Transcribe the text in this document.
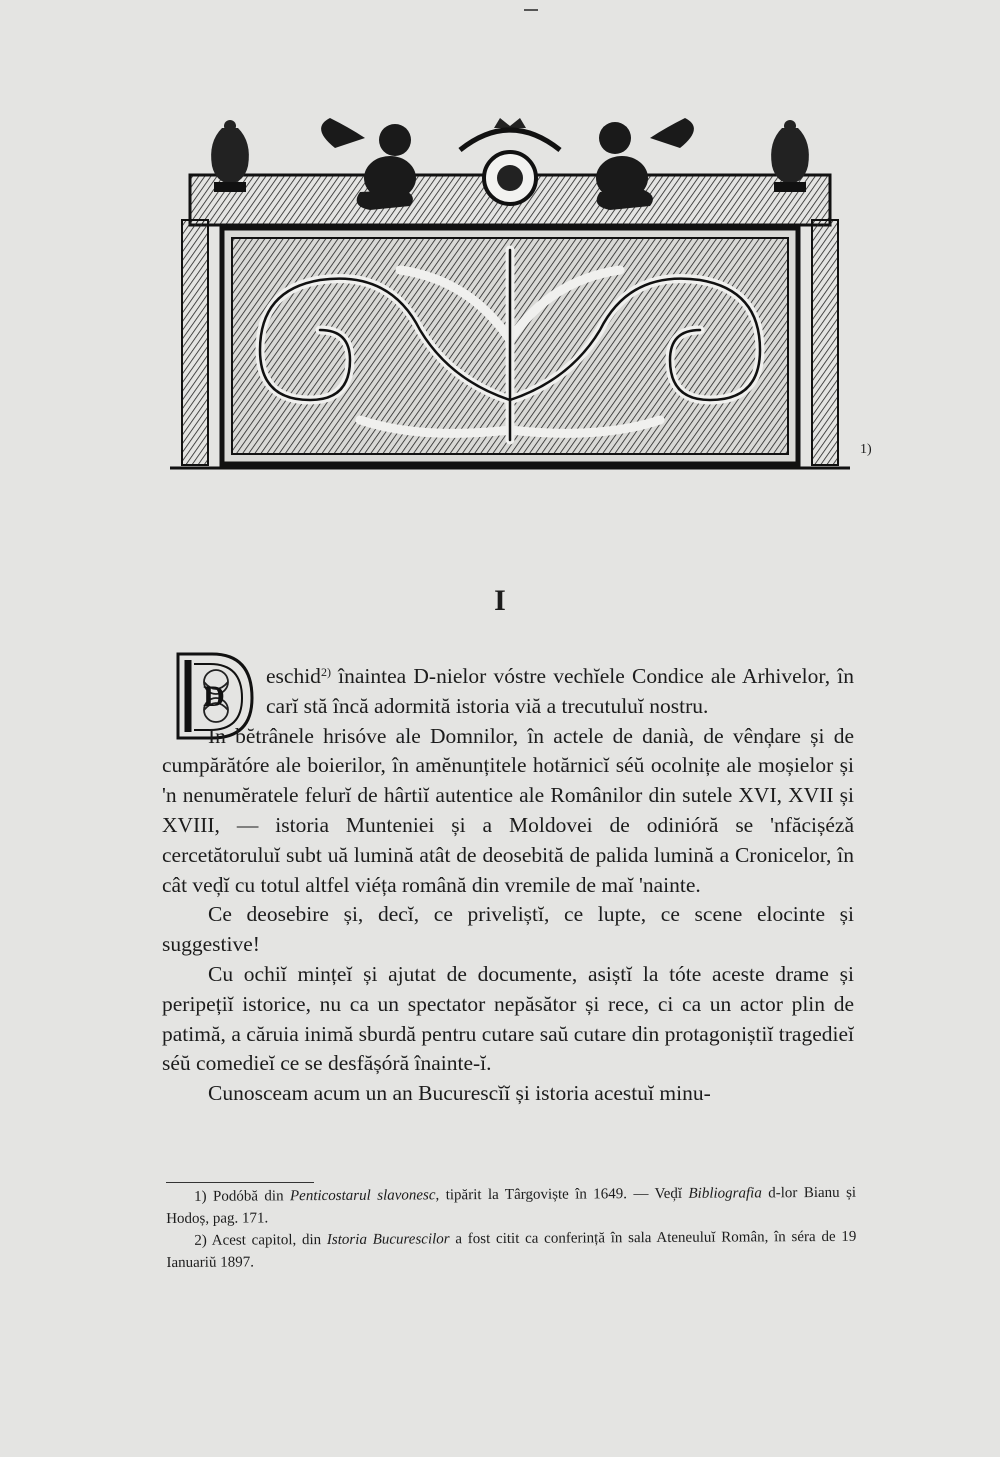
1)
I
D

eschid$^{2)}$ înaintea D-nielor vóstre vechĭele Condice ale Arhivelor, în carĭ stă încă adormită istoria viă a trecutuluĭ nostru.

In bĕtrânele hrisóve ale Domnilor, în actele de danià, de vênḑare și de cumpărătóre ale boierilor, în amĕnunțitele hotărnicĭ séŭ ocolnițe ale moșielor și 'n nenumĕratele felurĭ de hârtiĭ autentice ale Românilor din sutele XVI, XVII și XVIII, — istoria Munteniei și a Moldovei de odinióră se 'nfăcișézǎ cercetătoruluĭ subt uă lumină atât de deosebită de palida lumină a Cronicelor, în cât veḑĭ cu totul altfel viéța română din vremile de maĭ 'nainte.

Ce deosebire și, decĭ, ce priveliștĭ, ce lupte, ce scene elocinte și suggestive!

Cu ochiĭ mințeĭ și ajutat de documente, asiștĭ la tóte aceste drame și peripețiĭ istorice, nu ca un spectator nepăsător și rece, ci ca un actor plin de patimă, a căruia inimă sburdă pentru cutare saŭ cutare din protagoniștiĭ tragedieĭ séŭ comedieĭ ce se desfășóră înainte-ĭ.

Cunosceam acum un an Bucurescĭĭ și istoria acestuĭ minu-

1) Podóbă din Penticostarul slavonesc, tipărit la Târgoviște în 1649. — Veḑĭ Bibliografia d-lor Bianu și Hodoș, pag. 171.

2) Acest capitol, din Istoria Bucurescilor a fost citit ca conferință în sala Ateneuluĭ Român, în séra de 19 Ianuariŭ 1897.
